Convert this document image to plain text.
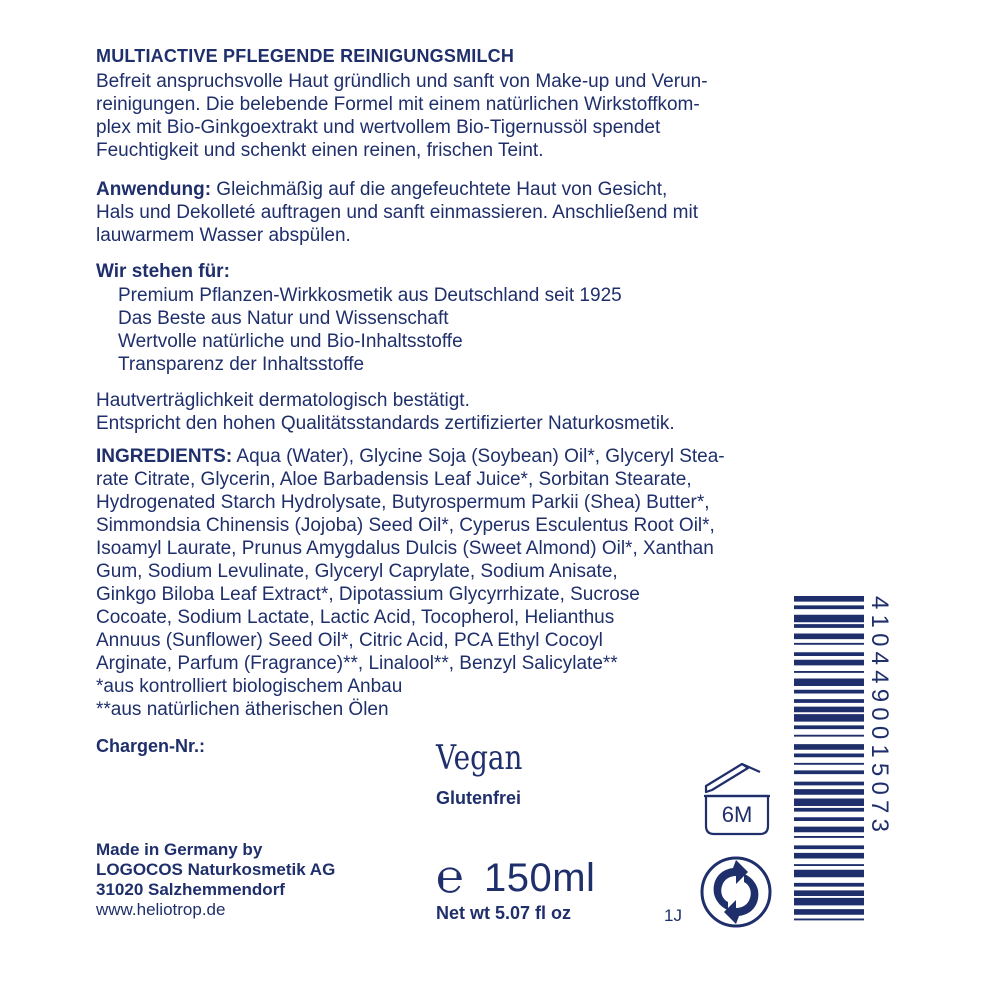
MULTIACTIVE PFLEGENDE REINIGUNGSMILCH
Befreit anspruchsvolle Haut gründlich und sanft von Make-up und Verun-
reinigungen. Die belebende Formel mit einem natürlichen Wirkstoffkom-
plex mit Bio-Ginkgoextrakt und wertvollem Bio-Tigernussöl spendet
Feuchtigkeit und schenkt einen reinen, frischen Teint.
Anwendung: Gleichmäßig auf die angefeuchtete Haut von Gesicht,
Hals und Dekolleté auftragen und sanft einmassieren. Anschließend mit
lauwarmem Wasser abspülen.
Wir stehen für:
Premium Pflanzen-Wirkkosmetik aus Deutschland seit 1925
Das Beste aus Natur und Wissenschaft
Wertvolle natürliche und Bio-Inhaltsstoffe
Transparenz der Inhaltsstoffe
Hautverträglichkeit dermatologisch bestätigt.
Entspricht den hohen Qualitätsstandards zertifizierter Naturkosmetik.
INGREDIENTS: Aqua (Water), Glycine Soja (Soybean) Oil*, Glyceryl Stea-
rate Citrate, Glycerin, Aloe Barbadensis Leaf Juice*, Sorbitan Stearate,
Hydrogenated Starch Hydrolysate, Butyrospermum Parkii (Shea) Butter*,
Simmondsia Chinensis (Jojoba) Seed Oil*, Cyperus Esculentus Root Oil*,
Isoamyl Laurate, Prunus Amygdalus Dulcis (Sweet Almond) Oil*, Xanthan
Gum, Sodium Levulinate, Glyceryl Caprylate, Sodium Anisate,
Ginkgo Biloba Leaf Extract*, Dipotassium Glycyrrhizate, Sucrose
Cocoate, Sodium Lactate, Lactic Acid, Tocopherol, Helianthus
Annuus (Sunflower) Seed Oil*, Citric Acid, PCA Ethyl Cocoyl
Arginate, Parfum (Fragrance)**, Linalool**, Benzyl Salicylate**
*aus kontrolliert biologischem Anbau
**aus natürlichen ätherischen Ölen
Chargen-Nr.:	Vegan
Glutenfrei
Made in Germany by
LOGOCOS Naturkosmetik AG
31020 Salzhemmendorf
www.heliotrop.de
℮ 150ml
Net wt 5.07 fl oz	1J
6M	4104490015073
